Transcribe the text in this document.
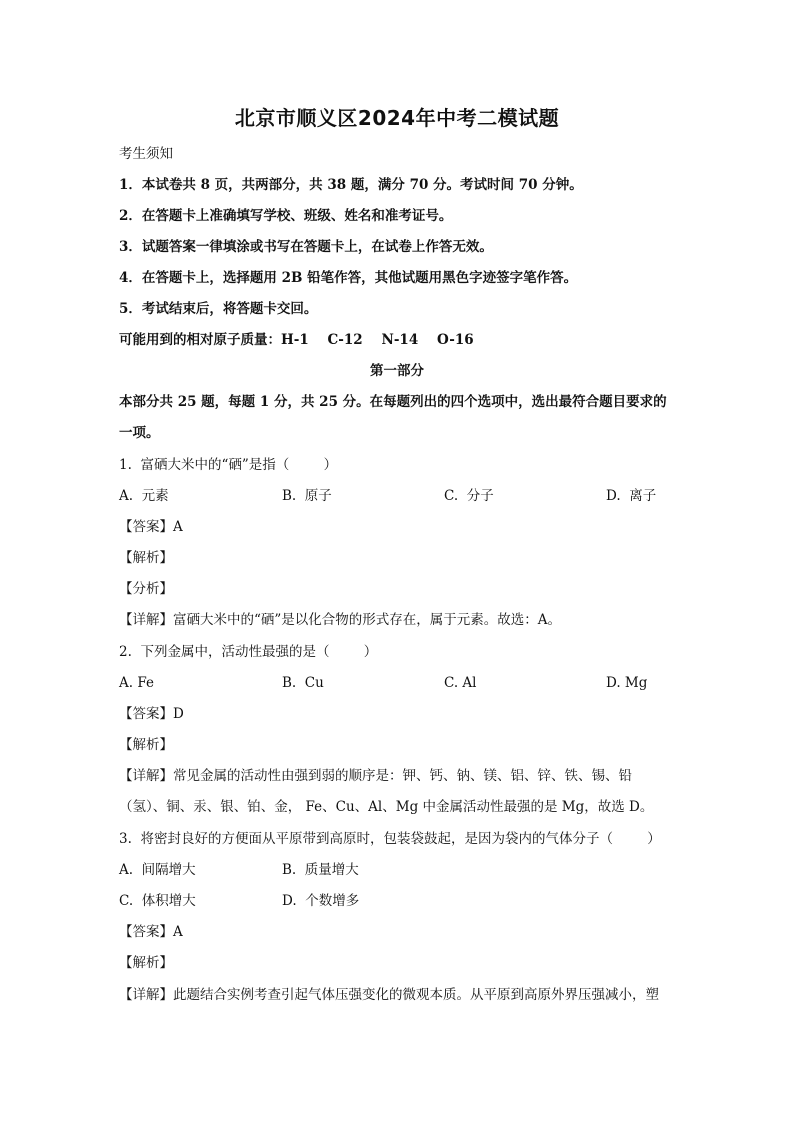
北京市顺义区2024年中考二模试题
考生须知
1．本试卷共 8 页，共两部分，共 38 题，满分 70 分。考试时间 70 分钟。
2．在答题卡上准确填写学校、班级、姓名和准考证号。
3．试题答案一律填涂或书写在答题卡上，在试卷上作答无效。
4．在答题卡上，选择题用 2B 铅笔作答，其他试题用黑色字迹签字笔作答。
5．考试结束后，将答题卡交回。
可能用到的相对原子质量：H-1    C-12    N-14    O-16
第一部分
本部分共 25 题，每题 1 分，共 25 分。在每题列出的四个选项中，选出最符合题目要求的
一项。
1.  富硒大米中的“硒”是指（        ）
A.  元素	B.  原子	C.  分子	D.  离子
【答案】A
【解析】
【分析】
【详解】富硒大米中的“硒”是以化合物的形式存在，属于元素。故选：A。
2.  下列金属中，活动性最强的是（        ）
A. Fe	B.  Cu	C. Al	D. Mg
【答案】D
【解析】
【详解】常见金属的活动性由强到弱的顺序是：钾、钙、钠、镁、铝、锌、铁、锡、铅
（氢）、铜、汞、银、铂、金， Fe、Cu、Al、Mg 中金属活动性最强的是 Mg，故选 D。
3.  将密封良好的方便面从平原带到高原时，包装袋鼓起，是因为袋内的气体分子（        ）
A.  间隔增大	B.  质量增大
C.  体积增大	D.  个数增多
【答案】A
【解析】
【详解】此题结合实例考查引起气体压强变化的微观本质。从平原到高原外界压强减小，塑
